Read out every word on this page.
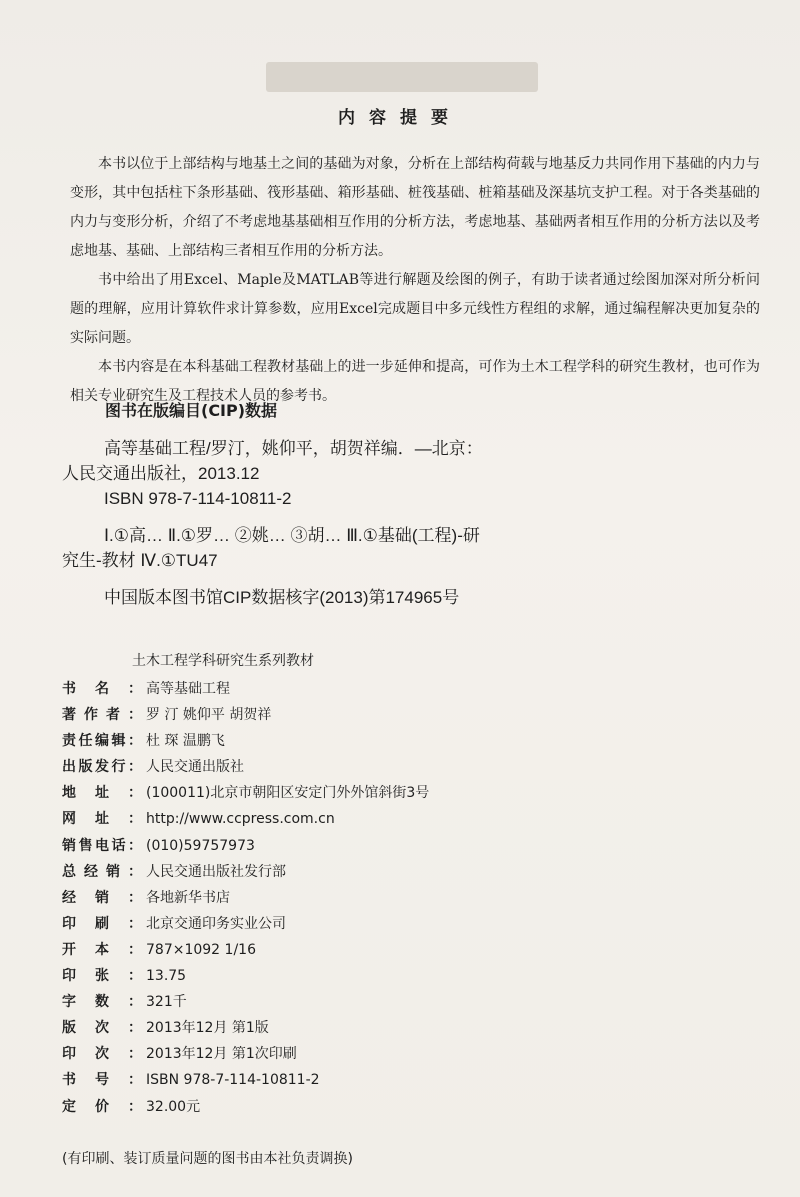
内容提要

本书以位于上部结构与地基土之间的基础为对象，分析在上部结构荷载与地基反力共同作用下基础的内力与变形，其中包括柱下条形基础、筏形基础、箱形基础、桩筏基础、桩箱基础及深基坑支护工程。对于各类基础的内力与变形分析，介绍了不考虑地基基础相互作用的分析方法，考虑地基、基础两者相互作用的分析方法以及考虑地基、基础、上部结构三者相互作用的分析方法。

书中给出了用Excel、Maple及MATLAB等进行解题及绘图的例子，有助于读者通过绘图加深对所分析问题的理解，应用计算软件求计算参数，应用Excel完成题目中多元线性方程组的求解，通过编程解决更加复杂的实际问题。

本书内容是在本科基础工程教材基础上的进一步延伸和提高，可作为土木工程学科的研究生教材，也可作为相关专业研究生及工程技术人员的参考书。

图书在版编目(CIP)数据
高等基础工程/罗汀，姚仰平，胡贺祥编．—北京：
人民交通出版社，2013.12
ISBN 978-7-114-10811-2
Ⅰ.①高… Ⅱ.①罗… ②姚… ③胡… Ⅲ.①基础(工程)-研
究生-教材 Ⅳ.①TU47
中国版本图书馆CIP数据核字(2013)第174965号
土木工程学科研究生系列教材
书 名 ： 高等基础工程
著 作 者 ： 罗 汀 姚仰平 胡贺祥
责 任 编 辑 ： 杜 琛 温鹏飞
出 版 发 行 ： 人民交通出版社
地 址 ： (100011)北京市朝阳区安定门外外馆斜街3号
网 址 ： http://www.ccpress.com.cn
销 售 电 话 ： (010)59757973
总 经 销 ： 人民交通出版社发行部
经 销 ： 各地新华书店
印 刷 ： 北京交通印务实业公司
开 本 ： 787×1092 1/16
印 张 ： 13.75
字 数 ： 321千
版 次 ： 2013年12月 第1版
印 次 ： 2013年12月 第1次印刷
书 号 ： ISBN 978-7-114-10811-2
定 价 ： 32.00元
(有印刷、装订质量问题的图书由本社负责调换)
